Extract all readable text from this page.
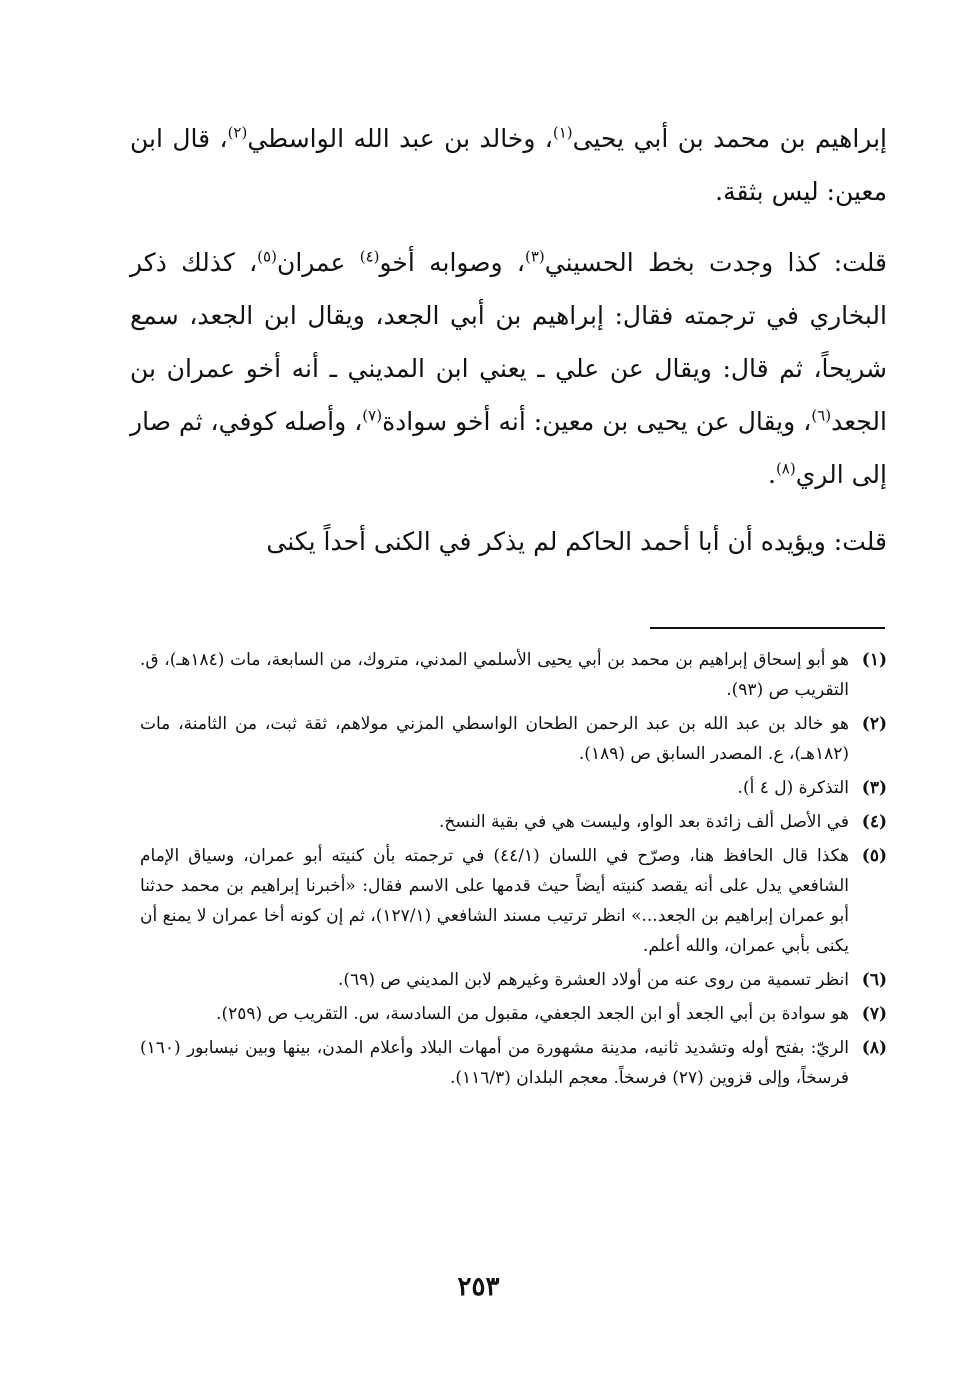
إبراهيم بن محمد بن أبي يحيى$^{(١)}$، وخالد بن عبد الله الواسطي$^{(٢)}$، قال ابن معين: ليس بثقة.

قلت: كذا وجدت بخط الحسيني$^{(٣)}$، وصوابه أخو$^{(٤)}$ عمران$^{(٥)}$، كذلك ذكر البخاري في ترجمته فقال: إبراهيم بن أبي الجعد، ويقال ابن الجعد، سمع شريحاً، ثم قال: ويقال عن علي ـ يعني ابن المديني ـ أنه أخو عمران بن الجعد$^{(٦)}$، ويقال عن يحيى بن معين: أنه أخو سوادة$^{(٧)}$، وأصله كوفي، ثم صار إلى الري$^{(٨)}$.

قلت: ويؤيده أن أبا أحمد الحاكم لم يذكر في الكنى أحداً يكنى

(١)
هو أبو إسحاق إبراهيم بن محمد بن أبي يحيى الأسلمي المدني، متروك، من السابعة، مات (١٨٤هـ)، ق. التقريب ص (٩٣).
(٢)
هو خالد بن عبد الله بن عبد الرحمن الطحان الواسطي المزني مولاهم، ثقة ثبت، من الثامنة، مات (١٨٢هـ)، ع. المصدر السابق ص (١٨٩).
(٣)
التذكرة (ل ٤ أ).
(٤)
في الأصل ألف زائدة بعد الواو، وليست هي في بقية النسخ.
(٥)
هكذا قال الحافظ هنا، وصرّح في اللسان (٤٤/١) في ترجمته بأن كنيته أبو عمران، وسياق الإمام الشافعي يدل على أنه يقصد كنيته أيضاً حيث قدمها على الاسم فقال: «أخبرنا إبراهيم بن محمد حدثنا أبو عمران إبراهيم بن الجعد...» انظر ترتيب مسند الشافعي (١٢٧/١)، ثم إن كونه أخا عمران لا يمنع أن يكنى بأبي عمران، والله أعلم.
(٦)
انظر تسمية من روى عنه من أولاد العشرة وغيرهم لابن المديني ص (٦٩).
(٧)
هو سوادة بن أبي الجعد أو ابن الجعد الجعفي، مقبول من السادسة، س. التقريب ص (٢٥٩).
(٨)
الريّ: بفتح أوله وتشديد ثانيه، مدينة مشهورة من أمهات البلاد وأعلام المدن، بينها وبين نيسابور (١٦٠) فرسخاً، وإلى قزوين (٢٧) فرسخاً. معجم البلدان (١١٦/٣).
٢٥٣
